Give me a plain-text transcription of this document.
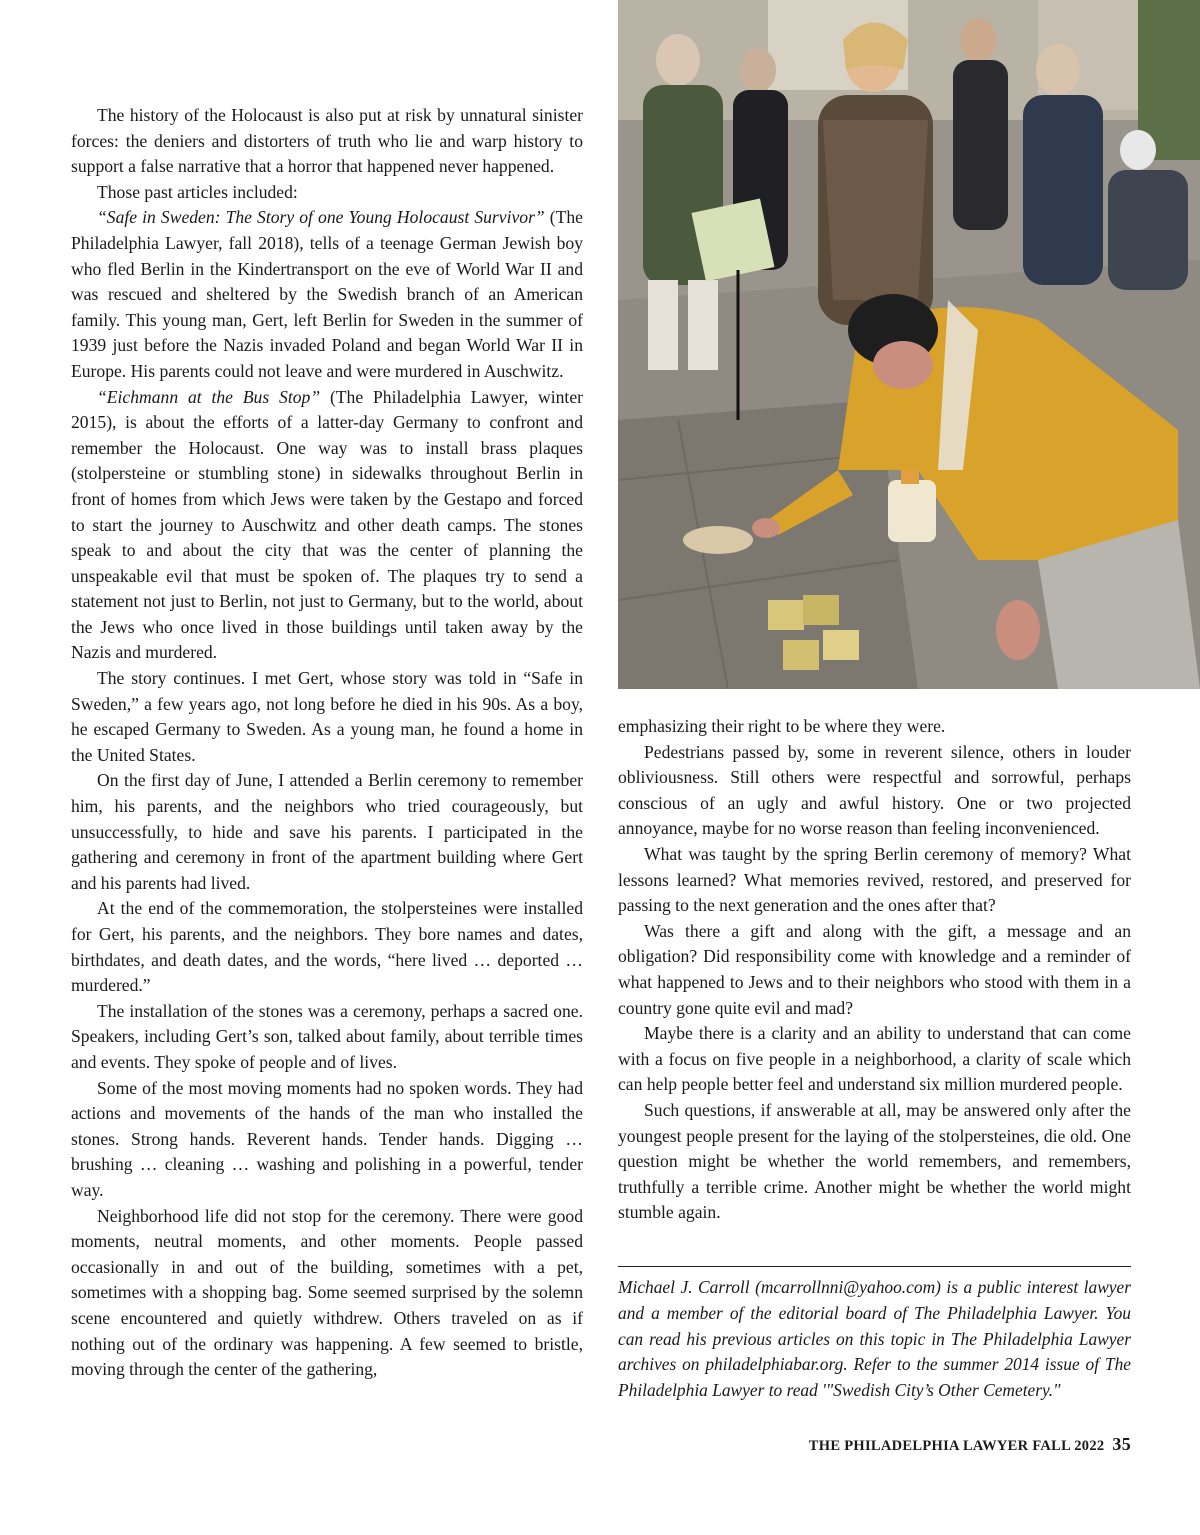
The history of the Holocaust is also put at risk by unnatural sinister forces: the deniers and distorters of truth who lie and warp history to support a false narrative that a horror that happened never happened.

Those past articles included:

“Safe in Sweden: The Story of one Young Holocaust Survivor” (The Philadelphia Lawyer, fall 2018), tells of a teenage German Jewish boy who fled Berlin in the Kindertransport on the eve of World War II and was rescued and sheltered by the Swedish branch of an American family. This young man, Gert, left Berlin for Sweden in the summer of 1939 just before the Nazis invaded Poland and began World War II in Europe. His parents could not leave and were murdered in Auschwitz.

“Eichmann at the Bus Stop” (The Philadelphia Lawyer, winter 2015), is about the efforts of a latter-day Germany to confront and remember the Holocaust. One way was to install brass plaques (stolpersteine or stumbling stone) in sidewalks throughout Berlin in front of homes from which Jews were taken by the Gestapo and forced to start the journey to Auschwitz and other death camps. The stones speak to and about the city that was the center of planning the unspeakable evil that must be spoken of. The plaques try to send a statement not just to Berlin, not just to Germany, but to the world, about the Jews who once lived in those buildings until taken away by the Nazis and murdered.

The story continues. I met Gert, whose story was told in “Safe in Sweden,” a few years ago, not long before he died in his 90s. As a boy, he escaped Germany to Sweden. As a young man, he found a home in the United States.

On the first day of June, I attended a Berlin ceremony to remember him, his parents, and the neighbors who tried courageously, but unsuccessfully, to hide and save his parents. I participated in the gathering and ceremony in front of the apartment building where Gert and his parents had lived.

At the end of the commemoration, the stolpersteines were installed for Gert, his parents, and the neighbors. They bore names and dates, birthdates, and death dates, and the words, “here lived … deported … murdered.”

The installation of the stones was a ceremony, perhaps a sacred one. Speakers, including Gert’s son, talked about family, about terrible times and events. They spoke of people and of lives.

Some of the most moving moments had no spoken words. They had actions and movements of the hands of the man who installed the stones. Strong hands. Reverent hands. Tender hands. Digging … brushing … cleaning … washing and polishing in a powerful, tender way.

Neighborhood life did not stop for the ceremony. There were good moments, neutral moments, and other moments. People passed occasionally in and out of the building, sometimes with a pet, sometimes with a shopping bag. Some seemed surprised by the solemn scene encountered and quietly withdrew. Others traveled on as if nothing out of the ordinary was happening. A few seemed to bristle, moving through the center of the gathering,

emphasizing their right to be where they were.

Pedestrians passed by, some in reverent silence, others in louder obliviousness. Still others were respectful and sorrowful, perhaps conscious of an ugly and awful history. One or two projected annoyance, maybe for no worse reason than feeling inconvenienced.

What was taught by the spring Berlin ceremony of memory? What lessons learned? What memories revived, restored, and preserved for passing to the next generation and the ones after that?

Was there a gift and along with the gift, a message and an obligation? Did responsibility come with knowledge and a reminder of what happened to Jews and to their neighbors who stood with them in a country gone quite evil and mad?

Maybe there is a clarity and an ability to understand that can come with a focus on five people in a neighborhood, a clarity of scale which can help people better feel and understand six million murdered people.

Such questions, if answerable at all, may be answered only after the youngest people present for the laying of the stolpersteines, die old. One question might be whether the world remembers, and remembers, truthfully a terrible crime. Another might be whether the world might stumble again.

Michael J. Carroll (mcarrollnni@yahoo.com) is a public interest lawyer and a member of the editorial board of The Philadelphia Lawyer. You can read his previous articles on this topic in The Philadelphia Lawyer archives on philadelphiabar.org. Refer to the summer 2014 issue of The Philadelphia Lawyer to read '"Swedish City’s Other Cemetery."

THE PHILADELPHIA LAWYER FALL 2022 35
